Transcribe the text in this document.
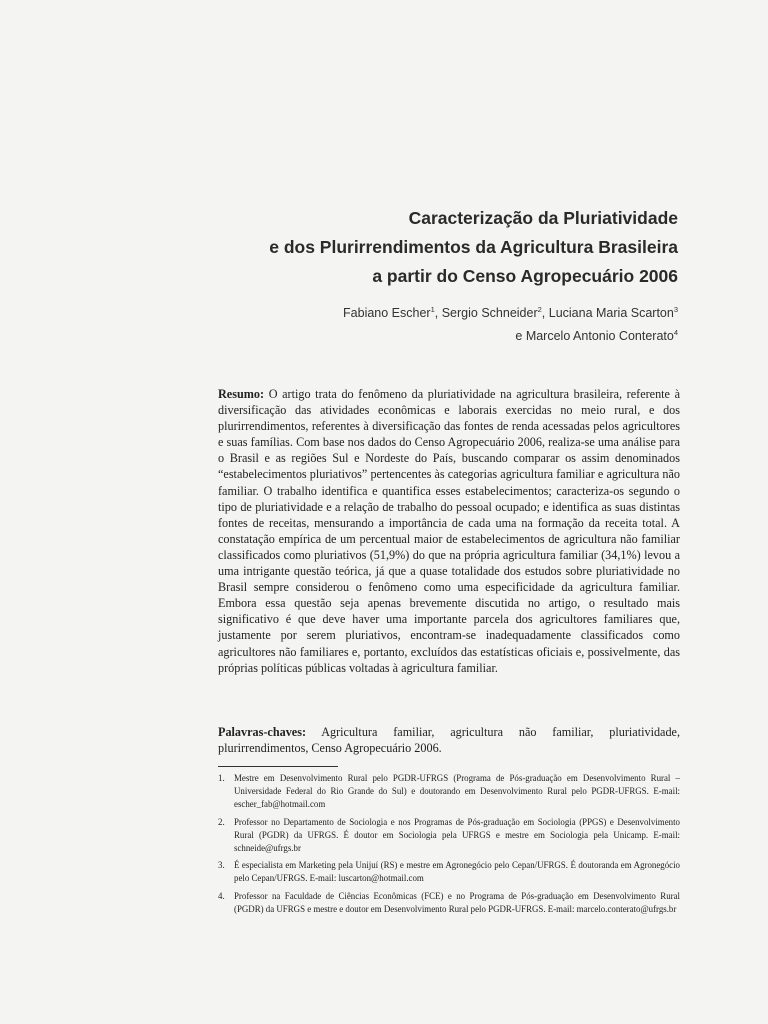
Caracterização da Pluriatividade
e dos Plurirrendimentos da Agricultura Brasileira
a partir do Censo Agropecuário 2006
Fabiano Escher$^1$, Sergio Schneider$^2$, Luciana Maria Scarton$^3$
e Marcelo Antonio Conterato$^4$
Resumo: O artigo trata do fenômeno da pluriatividade na agricultura brasileira, referente à diversificação das atividades econômicas e laborais exercidas no meio rural, e dos plurirrendimentos, referentes à diversificação das fontes de renda acessadas pelos agricultores e suas famílias. Com base nos dados do Censo Agropecuário 2006, realiza-se uma análise para o Brasil e as regiões Sul e Nordeste do País, buscando comparar os assim denominados “estabelecimentos pluriativos” pertencentes às categorias agricultura familiar e agricultura não familiar. O trabalho identifica e quantifica esses estabelecimentos; caracteriza-os segundo o tipo de pluriatividade e a relação de trabalho do pessoal ocupado; e identifica as suas distintas fontes de receitas, mensurando a importância de cada uma na formação da receita total. A constatação empírica de um percentual maior de estabelecimentos de agricultura não familiar classificados como pluriativos (51,9%) do que na própria agricultura familiar (34,1%) levou a uma intrigante questão teórica, já que a quase totalidade dos estudos sobre pluriatividade no Brasil sempre considerou o fenômeno como uma especificidade da agricultura familiar. Embora essa questão seja apenas brevemente discutida no artigo, o resultado mais significativo é que deve haver uma importante parcela dos agricultores familiares que, justamente por serem pluriativos, encontram-se inadequadamente classificados como agricultores não familiares e, portanto, excluídos das estatísticas oficiais e, possivelmente, das próprias políticas públicas voltadas à agricultura familiar.
Palavras-chaves: Agricultura familiar, agricultura não familiar, pluriatividade, plurirrendimentos, Censo Agropecuário 2006.
1.	Mestre em Desenvolvimento Rural pelo PGDR-UFRGS (Programa de Pós-graduação em Desenvolvimento Rural – Universidade Federal do Rio Grande do Sul) e doutorando em Desenvolvimento Rural pelo PGDR-UFRGS. E-mail: escher_fab@hotmail.com
2.	Professor no Departamento de Sociologia e nos Programas de Pós-graduação em Sociologia (PPGS) e Desenvolvimento Rural (PGDR) da UFRGS. É doutor em Sociologia pela UFRGS e mestre em Sociologia pela Unicamp. E-mail: schneide@ufrgs.br
3.	É especialista em Marketing pela Unijuí (RS) e mestre em Agronegócio pelo Cepan/UFRGS. É doutoranda em Agronegócio pelo Cepan/UFRGS. E-mail: luscarton@hotmail.com
4.	Professor na Faculdade de Ciências Econômicas (FCE) e no Programa de Pós-graduação em Desenvolvimento Rural (PGDR) da UFRGS e mestre e doutor em Desenvolvimento Rural pelo PGDR-UFRGS. E-mail: marcelo.conterato@ufrgs.br
